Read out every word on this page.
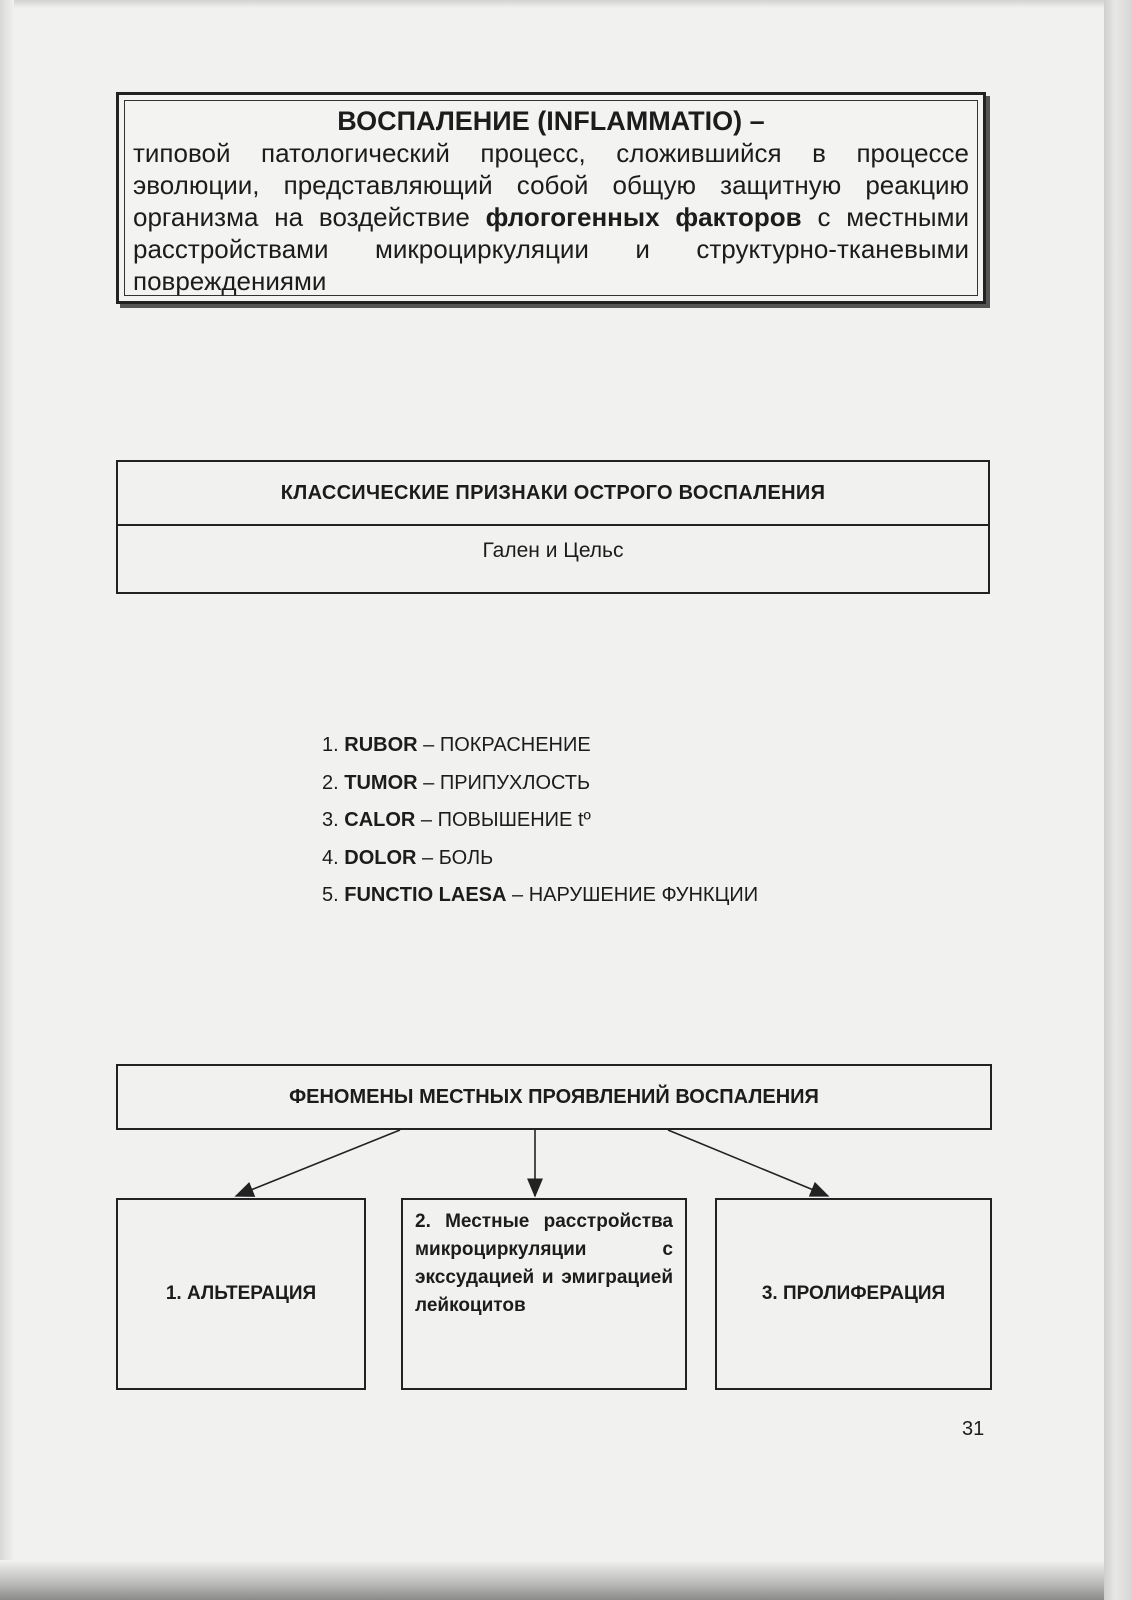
ВОСПАЛЕНИЕ (INFLAMMATIO) –

типовой патологический процесс, сложившийся в процессе эволюции, представляющий собой общую защитную реакцию организма на воздействие флогогенных факторов с местными расстройствами микроциркуляции и структурно-тканевыми повреждениями

КЛАССИЧЕСКИЕ ПРИЗНАКИ ОСТРОГО ВОСПАЛЕНИЯ
Гален и Цельс
1. RUBOR – ПОКРАСНЕНИЕ
2. TUMOR – ПРИПУХЛОСТЬ
3. CALOR – ПОВЫШЕНИЕ tº
4. DOLOR – БОЛЬ
5. FUNCTIO LAESA – НАРУШЕНИЕ ФУНКЦИИ
ФЕНОМЕНЫ МЕСТНЫХ ПРОЯВЛЕНИЙ ВОСПАЛЕНИЯ
1. АЛЬТЕРАЦИЯ
2. Местные расстройства микроциркуляции с экссудацией и эмиграцией лейкоцитов
3. ПРОЛИФЕРАЦИЯ
31
